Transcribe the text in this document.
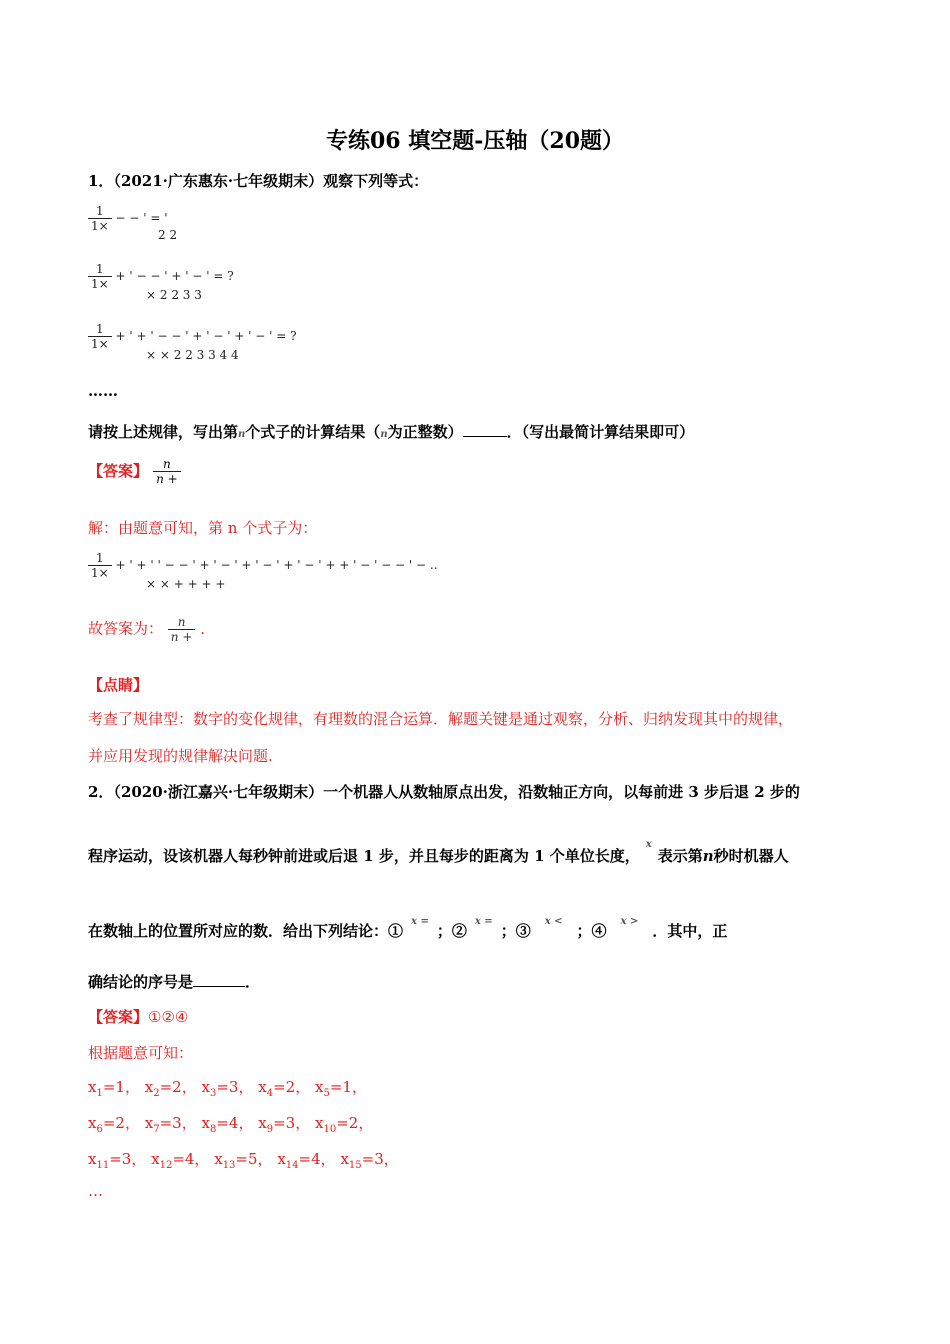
专练06 填空题-压轴（20题）
1．（2021·广东惠东·七年级期末）观察下列等式：
$\frac{1}{1\times}$ − − ' = '
2 2
$\frac{1}{1\times}$ + ' − − ' + ' − ' = ?
× 2 2 3 3
$\frac{1}{1\times}$ + ' + ' − − ' + ' − ' + ' − ' = ?
× × 2 2 3 3 4 4
……
请按上述规律，写出第n个式子的计算结果（n为正整数）	．（写出最简计算结果即可）
【答案】 $\frac{n}{n +}$
解：由题意可知，第 n 个式子为：
$\frac{1}{1\times}$ + ' + ' ' − − ' + ' − ' + ' − ' + ' − ' + + ' − ' − − ' − ..
× × + + + +
故答案为： $\frac{n}{n +}$ ．
【点睛】
考查了规律型：数字的变化规律，有理数的混合运算．解题关键是通过观察，分析、归纳发现其中的规律，
并应用发现的规律解决问题.
2．（2020·浙江嘉兴·七年级期末）一个机器人从数轴原点出发，沿数轴正方向，以每前进 3 步后退 2 步的
程序运动，设该机器人每秒钟前进或后退 1 步，并且每步的距离为 1 个单位长度，$^x$表示第n秒时机器人
在数轴上的位置所对应的数．给出下列结论：①$^{x =}$；②$^{x =}$；③$^{x <}$；④$^{x >}$．其中，正
确结论的序号是	．
【答案】①②④
根据题意可知：
$x_1=1$， $x_2=2$， $x_3=3$， $x_4=2$， $x_5=1$，
$x_6=2$， $x_7=3$， $x_8=4$， $x_9=3$， $x_{10}=2$，
$x_{11}=3$， $x_{12}=4$， $x_{13}=5$， $x_{14}=4$， $x_{15}=3$，
…
